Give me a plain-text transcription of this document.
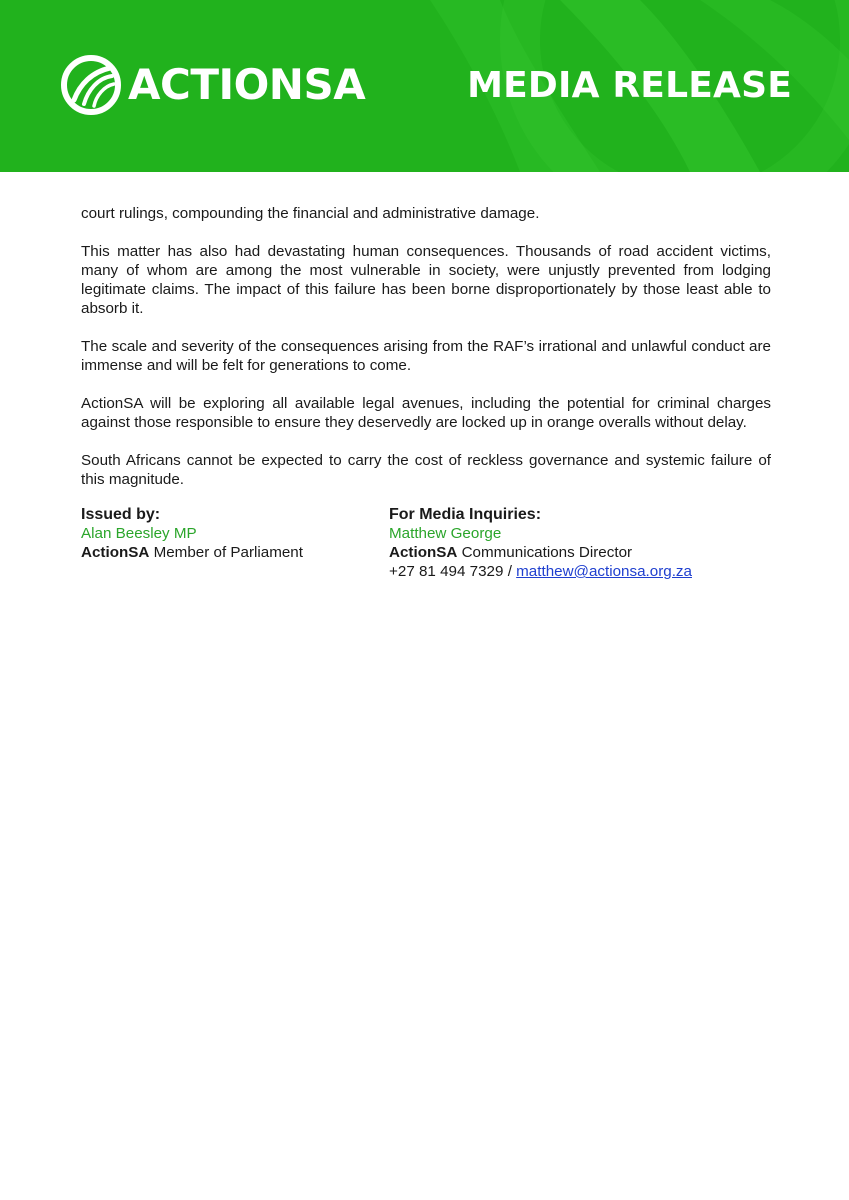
ACTIONSA	MEDIA RELEASE

court rulings, compounding the financial and administrative damage.

This matter has also had devastating human consequences. Thousands of road accident victims, many of whom are among the most vulnerable in society, were unjustly prevented from lodging legitimate claims. The impact of this failure has been borne disproportionately by those least able to absorb it.

The scale and severity of the consequences arising from the RAF’s irrational and unlawful conduct are immense and will be felt for generations to come.

ActionSA will be exploring all available legal avenues, including the potential for criminal charges against those responsible to ensure they deservedly are locked up in orange overalls without delay.

South Africans cannot be expected to carry the cost of reckless governance and systemic failure of this magnitude.

Issued by:
Alan Beesley MP
ActionSA Member of Parliament
For Media Inquiries:
Matthew George
ActionSA Communications Director
+27 81 494 7329 / matthew@actionsa.org.za
